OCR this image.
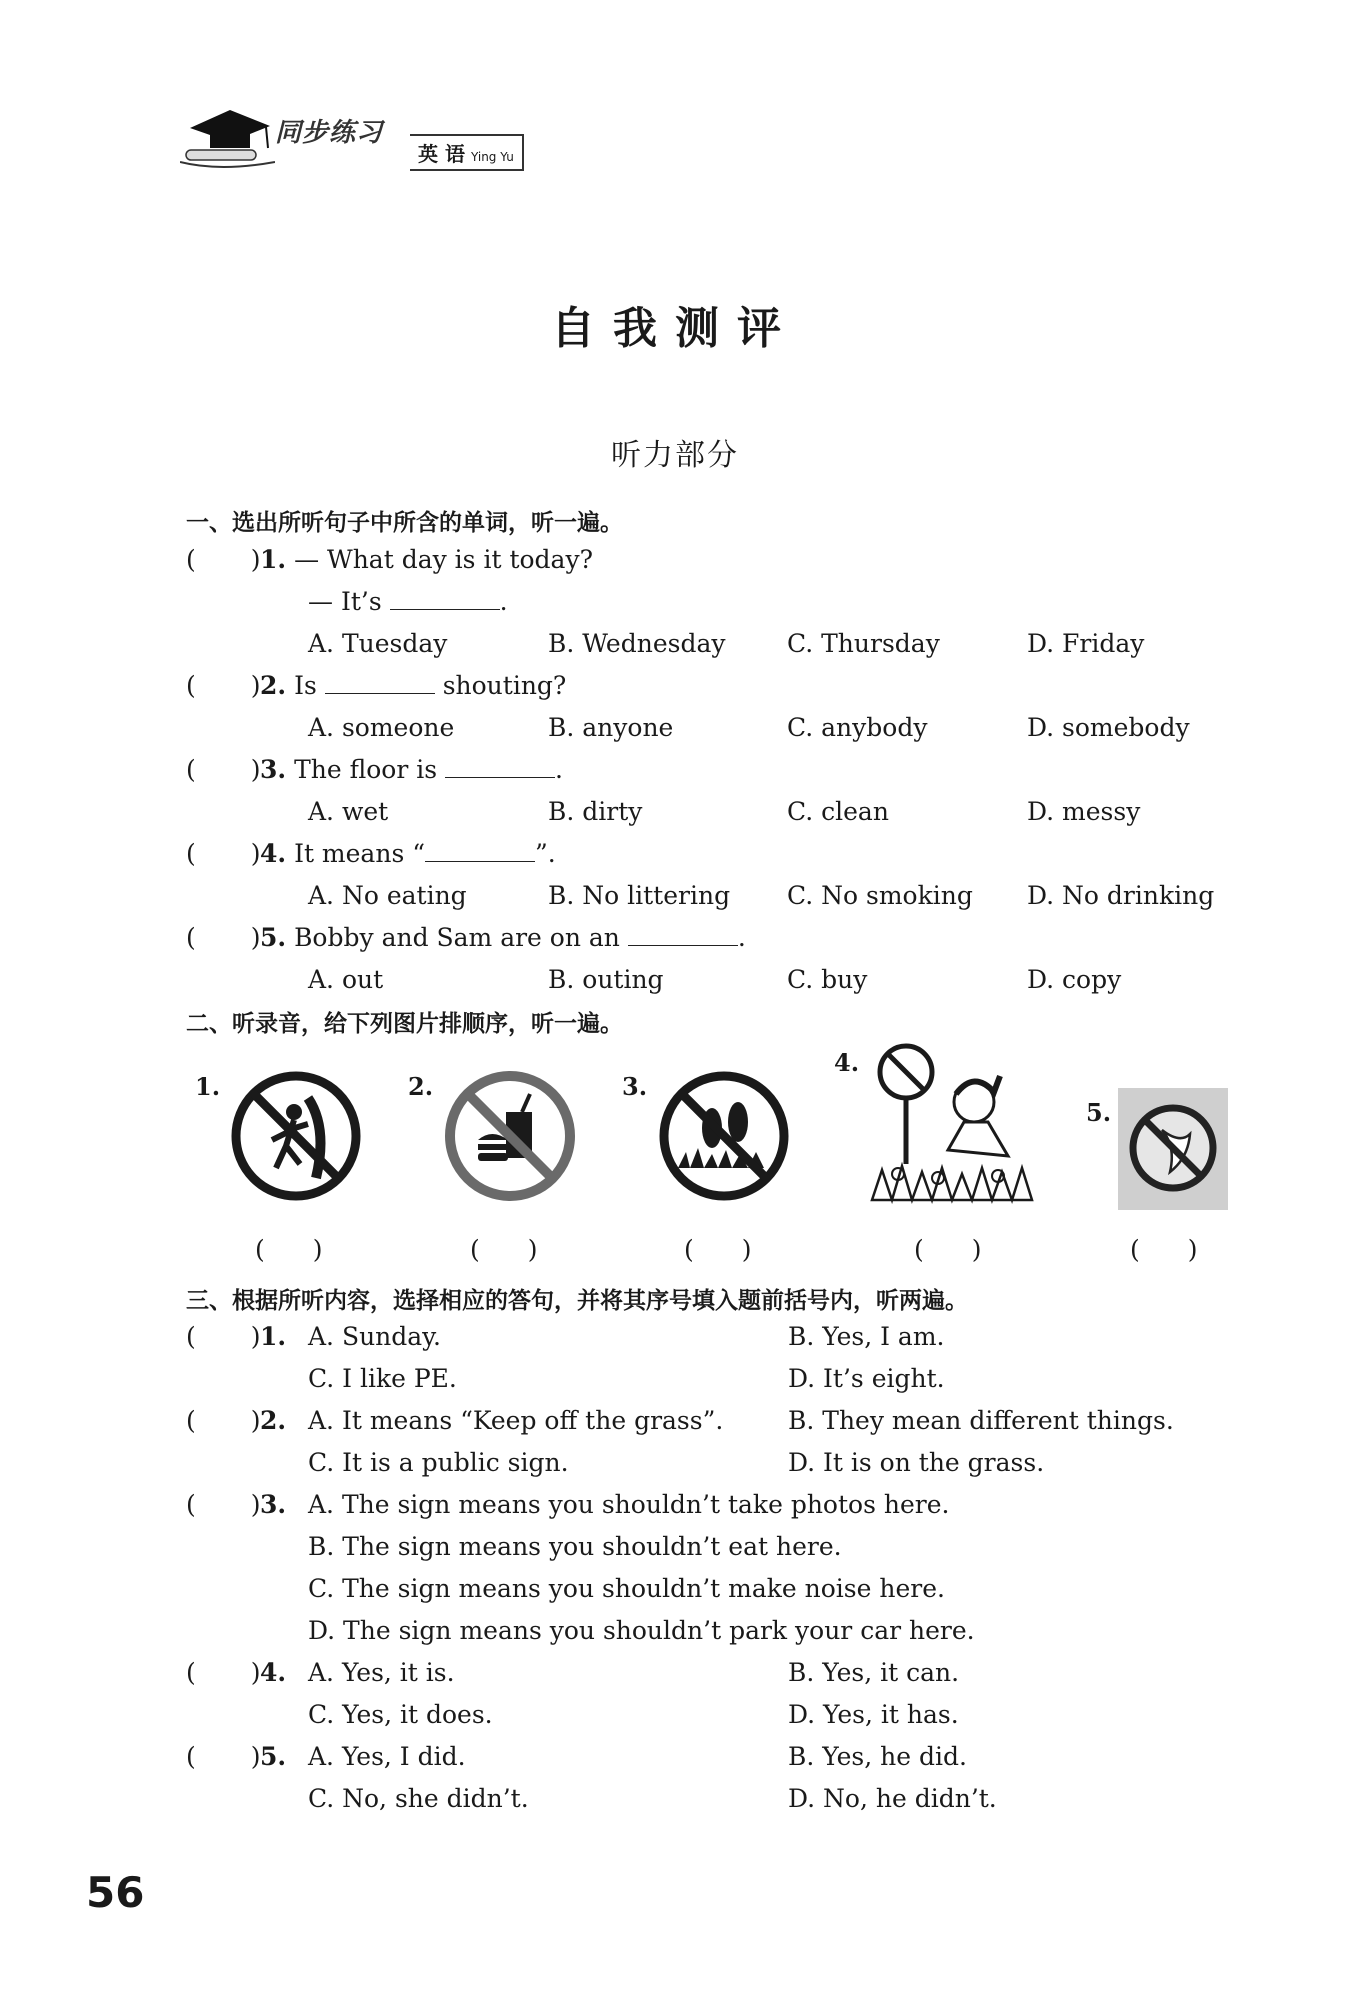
同步练习
英 语 Ying Yu
自我测评
听力部分
一、选出所听句子中所含的单词，听一遍。
( ) 1. — What day is it today?
— It’s	.
A. Tuesday	B. Wednesday C. Thursday	D. Friday
( ) 2. Is	shouting?
A. someone	B. anyone	C. anybody	D. somebody
( ) 3. The floor is	.
A. wet	B. dirty	C. clean	D. messy
( ) 4. It means “	”.
A. No eating	B. No littering C. No smoking D. No drinking
( ) 5. Bobby and Sam are on an	.
A. out	B. outing	C. buy	D. copy
二、听录音，给下列图片排顺序，听一遍。
1.	2.	3.
4.
5.
( )	( )	( )	( )	( )
三、根据所听内容，选择相应的答句，并将其序号填入题前括号内，听两遍。
( ) 1. A. Sunday.	B. Yes, I am.
C. I like PE.	D. It’s eight.
( ) 2. A. It means “Keep off the grass”.	B. They mean different things.
C. It is a public sign.	D. It is on the grass.
( ) 3. A. The sign means you shouldn’t take photos here.
B. The sign means you shouldn’t eat here.
C. The sign means you shouldn’t make noise here.
D. The sign means you shouldn’t park your car here.
( ) 4. A. Yes, it is.	B. Yes, it can.
C. Yes, it does.	D. Yes, it has.
( ) 5. A. Yes, I did.	B. Yes, he did.
C. No, she didn’t.	D. No, he didn’t.
56
